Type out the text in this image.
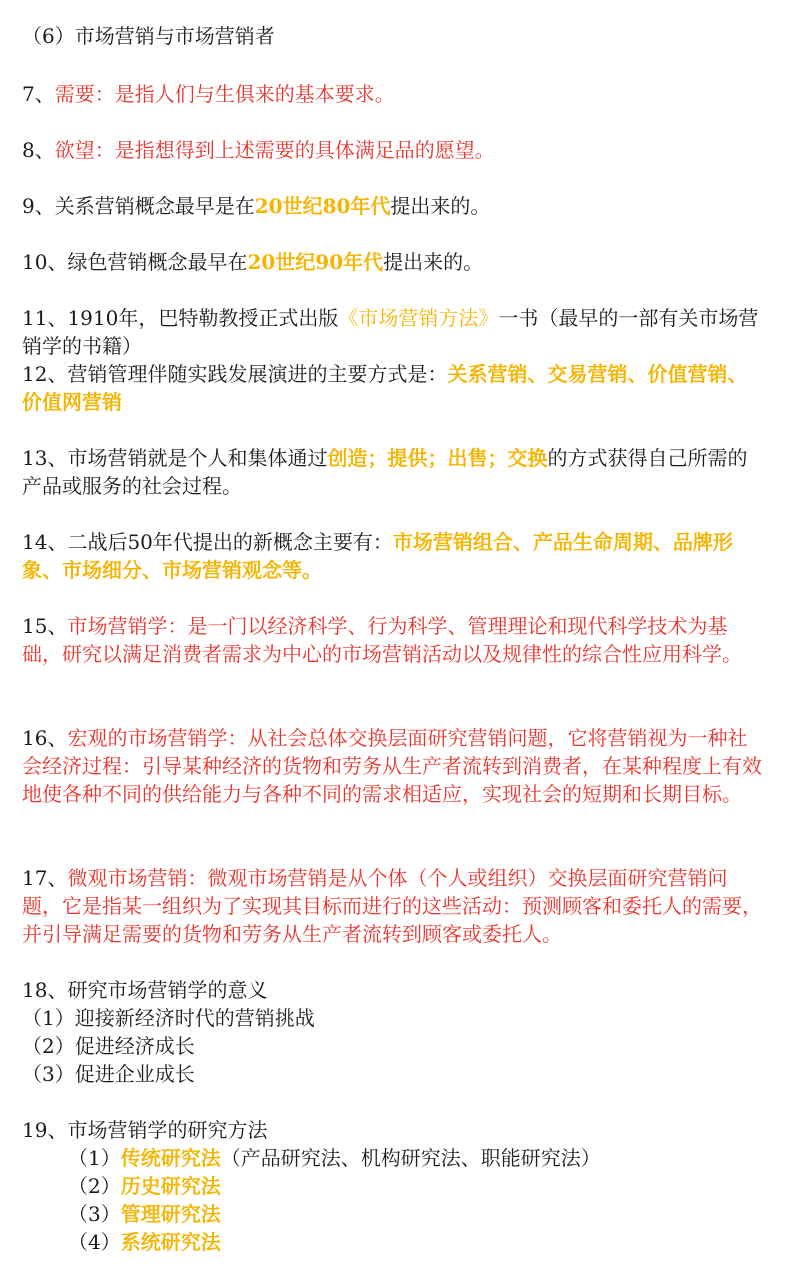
（6）市场营销与市场营销者

7、需要：是指人们与生俱来的基本要求。

8、欲望：是指想得到上述需要的具体满足品的愿望。

9、关系营销概念最早是在20世纪80年代提出来的。

10、绿色营销概念最早在20世纪90年代提出来的。

11、1910年，巴特勒教授正式出版《市场营销方法》一书（最早的一部有关市场营销学的书籍）

12、营销管理伴随实践发展演进的主要方式是：关系营销、交易营销、价值营销、价值网营销

13、市场营销就是个人和集体通过创造；提供；出售；交换的方式获得自己所需的产品或服务的社会过程。

14、二战后50年代提出的新概念主要有：市场营销组合、产品生命周期、品牌形象、市场细分、市场营销观念等。

15、市场营销学：是一门以经济科学、行为科学、管理理论和现代科学技术为基础，研究以满足消费者需求为中心的市场营销活动以及规律性的综合性应用科学。

16、宏观的市场营销学：从社会总体交换层面研究营销问题，它将营销视为一种社会经济过程：引导某种经济的货物和劳务从生产者流转到消费者，在某种程度上有效地使各种不同的供给能力与各种不同的需求相适应，实现社会的短期和长期目标。

17、微观市场营销：微观市场营销是从个体（个人或组织）交换层面研究营销问题，它是指某一组织为了实现其目标而进行的这些活动：预测顾客和委托人的需要，并引导满足需要的货物和劳务从生产者流转到顾客或委托人。

18、研究市场营销学的意义

（1）迎接新经济时代的营销挑战

（2）促进经济成长

（3）促进企业成长

19、市场营销学的研究方法

（1）传统研究法（产品研究法、机构研究法、职能研究法）

（2）历史研究法

（3）管理研究法

（4）系统研究法
